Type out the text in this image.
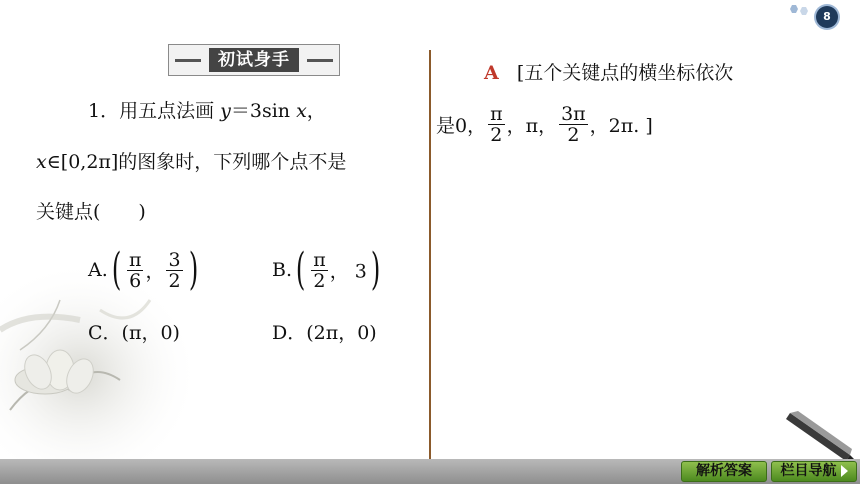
8
初试身手
1．用五点法画 y＝3sin x，
x∈[0,2π]的图象时，下列哪个点不是
关键点(　　)
$A.( \frac{\pi}{6}$ ， $\frac{3}{2}$ )	$B.( \frac{\pi}{2}$ ， 3)
C．(π，0)	D．(2π，0)
A [五个关键点的横坐标依次
是0， $\frac{\pi}{2}$ ，π， $\frac{3\pi}{2}$ ，2π. ]
解析答案	栏目导航
